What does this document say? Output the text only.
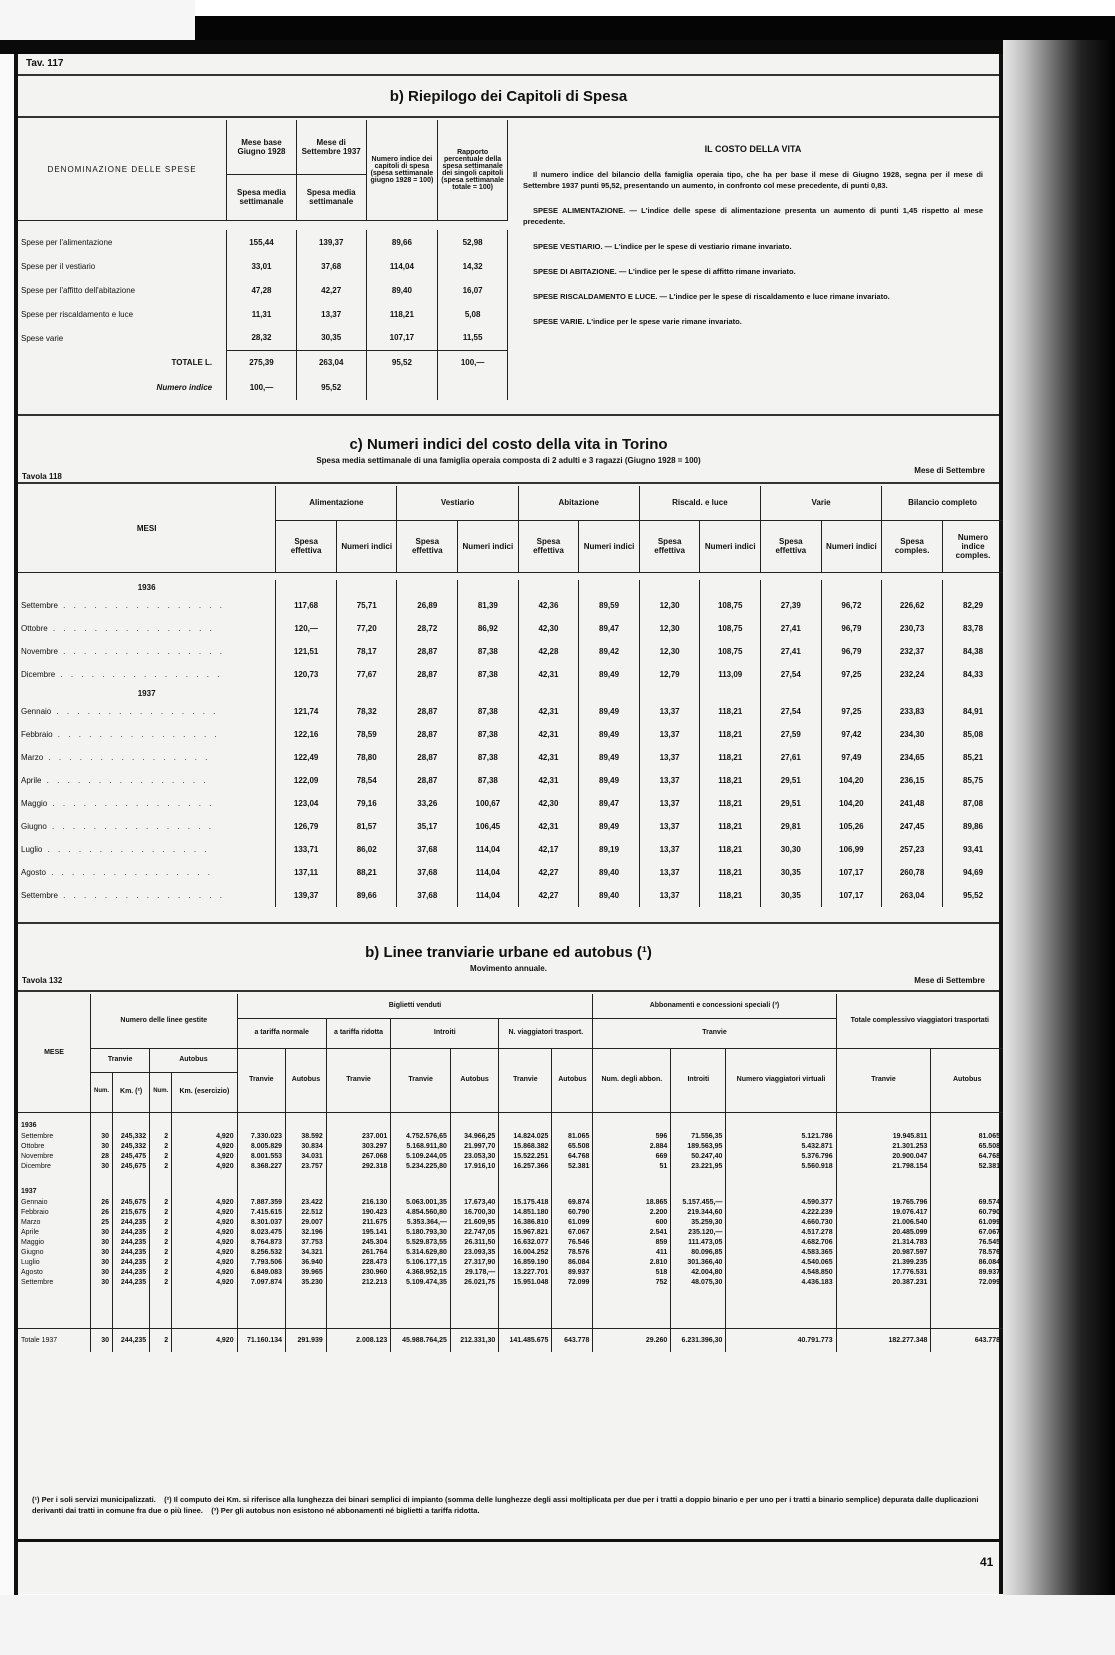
Tav. 117
b) Riepilogo dei Capitoli di Spesa
DENOMINAZIONE DELLE SPESE	Mese base Giugno 1928	Mese di Settembre 1937	Numero indice dei capitoli di spesa (spesa settimanale giugno 1928 = 100)	Rapporto percentuale della spesa settimanale dei singoli capitoli (spesa settimanale totale = 100)
	Spesa media settimanale	Spesa media settimanale		

Spese per l'alimentazione	155,44	139,37	89,66	52,98
Spese per il vestiario	33,01	37,68	114,04	14,32
Spese per l'affitto dell'abitazione	47,28	42,27	89,40	16,07
Spese per riscaldamento e luce	11,31	13,37	118,21	5,08
Spese varie	28,32	30,35	107,17	11,55
TOTALE L.	275,39	263,04	95,52	100,—
Numero indice	100,—	95,52		
IL COSTO DELLA VITA

Il numero indice del bilancio della famiglia operaia tipo, che ha per base il mese di Giugno 1928, segna per il mese di Settembre 1937 punti 95,52, presentando un aumento, in confronto col mese precedente, di punti 0,83.

SPESE ALIMENTAZIONE. — L'indice delle spese di alimentazione presenta un aumento di punti 1,45 rispetto al mese precedente.

SPESE VESTIARIO. — L'indice per le spese di vestiario rimane invariato.

SPESE DI ABITAZIONE. — L'indice per le spese di affitto rimane invariato.

SPESE RISCALDAMENTO E LUCE. — L'indice per le spese di riscaldamento e luce rimane invariato.

SPESE VARIE. L'indice per le spese varie rimane invariato.

c) Numeri indici del costo della vita in Torino
Spesa media settimanale di una famiglia operaia composta di 2 adulti e 3 ragazzi (Giugno 1928 = 100)
Tavola 118
Mese di Settembre
MESI	Alimentazione		Vestiario		Abitazione		Riscald. e luce		Varie		Bilancio completo	
	Spesa effettiva	Numeri indici	Spesa effettiva	Numeri indici	Spesa effettiva	Numeri indici	Spesa effettiva	Numeri indici	Spesa effettiva	Numeri indici	Spesa comples.	Numero indice comples.

1936												
Settembre . . . . . . . . . . . . . . . .	117,68	75,71	26,89	81,39	42,36	89,59	12,30	108,75	27,39	96,72	226,62	82,29
Ottobre . . . . . . . . . . . . . . . .	120,—	77,20	28,72	86,92	42,30	89,47	12,30	108,75	27,41	96,79	230,73	83,78
Novembre . . . . . . . . . . . . . . . .	121,51	78,17	28,87	87,38	42,28	89,42	12,30	108,75	27,41	96,79	232,37	84,38
Dicembre . . . . . . . . . . . . . . . .	120,73	77,67	28,87	87,38	42,31	89,49	12,79	113,09	27,54	97,25	232,24	84,33
1937												
Gennaio . . . . . . . . . . . . . . . .	121,74	78,32	28,87	87,38	42,31	89,49	13,37	118,21	27,54	97,25	233,83	84,91
Febbraio . . . . . . . . . . . . . . . .	122,16	78,59	28,87	87,38	42,31	89,49	13,37	118,21	27,59	97,42	234,30	85,08
Marzo . . . . . . . . . . . . . . . .	122,49	78,80	28,87	87,38	42,31	89,49	13,37	118,21	27,61	97,49	234,65	85,21
Aprile . . . . . . . . . . . . . . . .	122,09	78,54	28,87	87,38	42,31	89,49	13,37	118,21	29,51	104,20	236,15	85,75
Maggio . . . . . . . . . . . . . . . .	123,04	79,16	33,26	100,67	42,30	89,47	13,37	118,21	29,51	104,20	241,48	87,08
Giugno . . . . . . . . . . . . . . . .	126,79	81,57	35,17	106,45	42,31	89,49	13,37	118,21	29,81	105,26	247,45	89,86
Luglio . . . . . . . . . . . . . . . .	133,71	86,02	37,68	114,04	42,17	89,19	13,37	118,21	30,30	106,99	257,23	93,41
Agosto . . . . . . . . . . . . . . . .	137,11	88,21	37,68	114,04	42,27	89,40	13,37	118,21	30,35	107,17	260,78	94,69
Settembre . . . . . . . . . . . . . . . .	139,37	89,66	37,68	114,04	42,27	89,40	13,37	118,21	30,35	107,17	263,04	95,52
b) Linee tranviarie urbane ed autobus (¹)
Movimento annuale.
Tavola 132	Mese di Settembre
MESE	Numero delle linee gestite				Biglietti venduti							Abbonamenti e concessioni speciali (³)			Totale complessivo viaggiatori trasportati	
					a tariffa normale		a tariffa ridotta	Introiti		N. viaggiatori trasport.		Tranvie				
	Tranvie		Autobus		Tranvie	Autobus	Tranvie	Tranvie	Autobus	Tranvie	Autobus	Num. degli abbon.	Introiti	Numero viaggiatori virtuali	Tranvie	Autobus
	Num.	Km. (²)	Num.	Km. (esercizio)												

1936																
Settembre	30	245,332	2	4,920	7.330.023	38.592	237.001	4.752.576,65	34.966,25	14.824.025	81.065	596	71.556,35	5.121.786	19.945.811	81.065
Ottobre	30	245,332	2	4,920	8.005.829	30.834	303.297	5.168.911,80	21.997,70	15.868.382	65.508	2.884	189.563,95	5.432.871	21.301.253	65.508
Novembre	28	245,475	2	4,920	8.001.553	34.031	267.068	5.109.244,05	23.053,30	15.522.251	64.768	669	50.247,40	5.376.796	20.900.047	64.768
Dicembre	30	245,675	2	4,920	8.368.227	23.757	292.318	5.234.225,80	17.916,10	16.257.366	52.381	51	23.221,95	5.560.918	21.798.154	52.381

1937																
Gennaio	26	245,675	2	4,920	7.887.359	23.422	216.130	5.063.001,35	17.673,40	15.175.418	69.874	18.865	5.157.455,—	4.590.377	19.765.796	69.574
Febbraio	26	215,675	2	4,920	7.415.615	22.512	190.423	4.854.560,80	16.700,30	14.851.180	60.790	2.200	219.344,60	4.222.239	19.076.417	60.790
Marzo	25	244,235	2	4,920	8.301.037	29.007	211.675	5.353.364,—	21.609,95	16.386.810	61.099	600	35.259,30	4.660.730	21.006.540	61.099
Aprile	30	244,235	2	4,920	8.023.475	32.196	195.141	5.180.793,30	22.747,05	15.967.821	67.067	2.541	235.120,—	4.517.278	20.485.099	67.067
Maggio	30	244,235	2	4,920	8.764.873	37.753	245.304	5.529.873,55	26.311,50	16.632.077	76.546	859	111.473,05	4.682.706	21.314.783	76.545
Giugno	30	244,235	2	4,920	8.256.532	34.321	261.764	5.314.629,80	23.093,35	16.004.252	78.576	411	80.096,85	4.583.365	20.987.597	78.576
Luglio	30	244,235	2	4,920	7.793.506	36.940	228.473	5.106.177,15	27.317,90	16.859.190	86.084	2.810	301.366,40	4.540.065	21.399.235	86.084
Agosto	30	244,235	2	4,920	6.849.083	39.965	230.960	4.368.952,15	29.178,—	13.227.701	89.937	518	42.004,80	4.548.850	17.776.531	89.937
Settembre	30	244,235	2	4,920	7.097.874	35.230	212.213	5.109.474,35	26.021,75	15.951.048	72.099	752	48.075,30	4.436.183	20.387.231	72.099

Totale 1937	30	244,235	2	4,920	71.160.134	291.939	2.008.123	45.988.764,25	212.331,30	141.485.675	643.778	29.260	6.231.396,30	40.791.773	182.277.348	643.778
(¹) Per i soli servizi municipalizzati. (²) Il computo dei Km. si riferisce alla lunghezza dei binari semplici di impianto (somma delle lunghezze degli assi moltiplicata per due per i tratti a doppio binario e per uno per i tratti a binario semplice) depurata dalle duplicazioni derivanti dai tratti in comune fra due o più linee. (³) Per gli autobus non esistono né abbonamenti né biglietti a tariffa ridotta.
41
